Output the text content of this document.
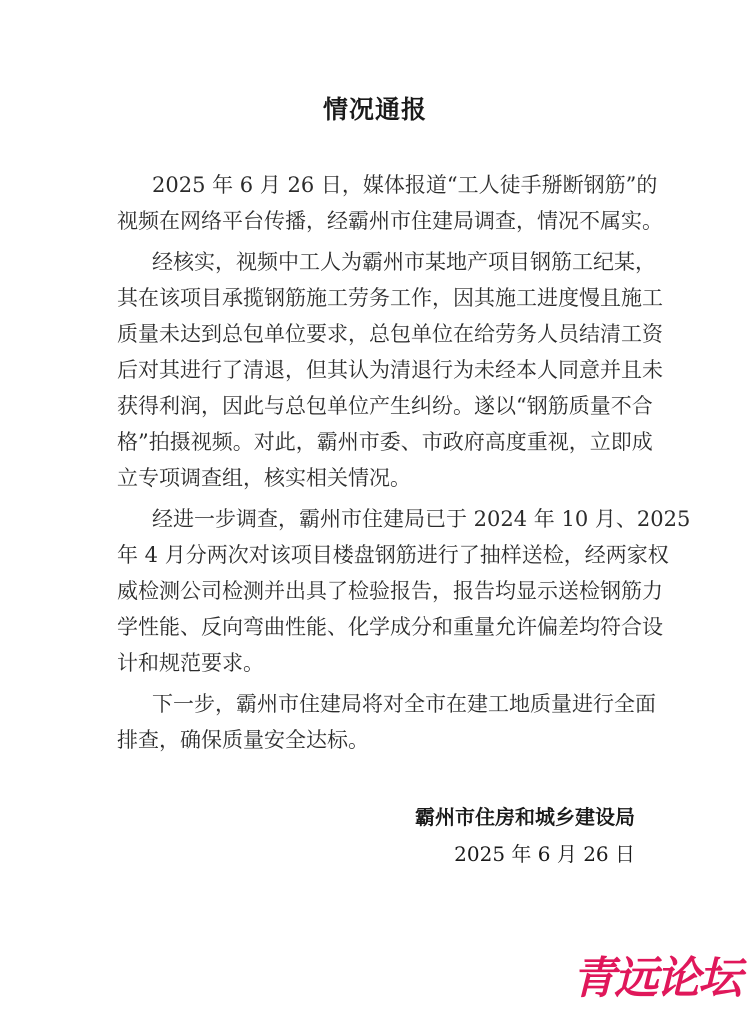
情况通报
2025 年 6 月 26 日，媒体报道“工人徒手掰断钢筋”的
视频在网络平台传播，经霸州市住建局调查，情况不属实。
经核实，视频中工人为霸州市某地产项目钢筋工纪某，
其在该项目承揽钢筋施工劳务工作，因其施工进度慢且施工
质量未达到总包单位要求，总包单位在给劳务人员结清工资
后对其进行了清退，但其认为清退行为未经本人同意并且未
获得利润，因此与总包单位产生纠纷。遂以“钢筋质量不合
格”拍摄视频。对此，霸州市委、市政府高度重视，立即成
立专项调查组，核实相关情况。
经进一步调查，霸州市住建局已于 2024 年 10 月、2025
年 4 月分两次对该项目楼盘钢筋进行了抽样送检，经两家权
威检测公司检测并出具了检验报告，报告均显示送检钢筋力
学性能、反向弯曲性能、化学成分和重量允许偏差均符合设
计和规范要求。
下一步，霸州市住建局将对全市在建工地质量进行全面
排查，确保质量安全达标。
霸州市住房和城乡建设局
2025 年 6 月 26 日
青远论坛
